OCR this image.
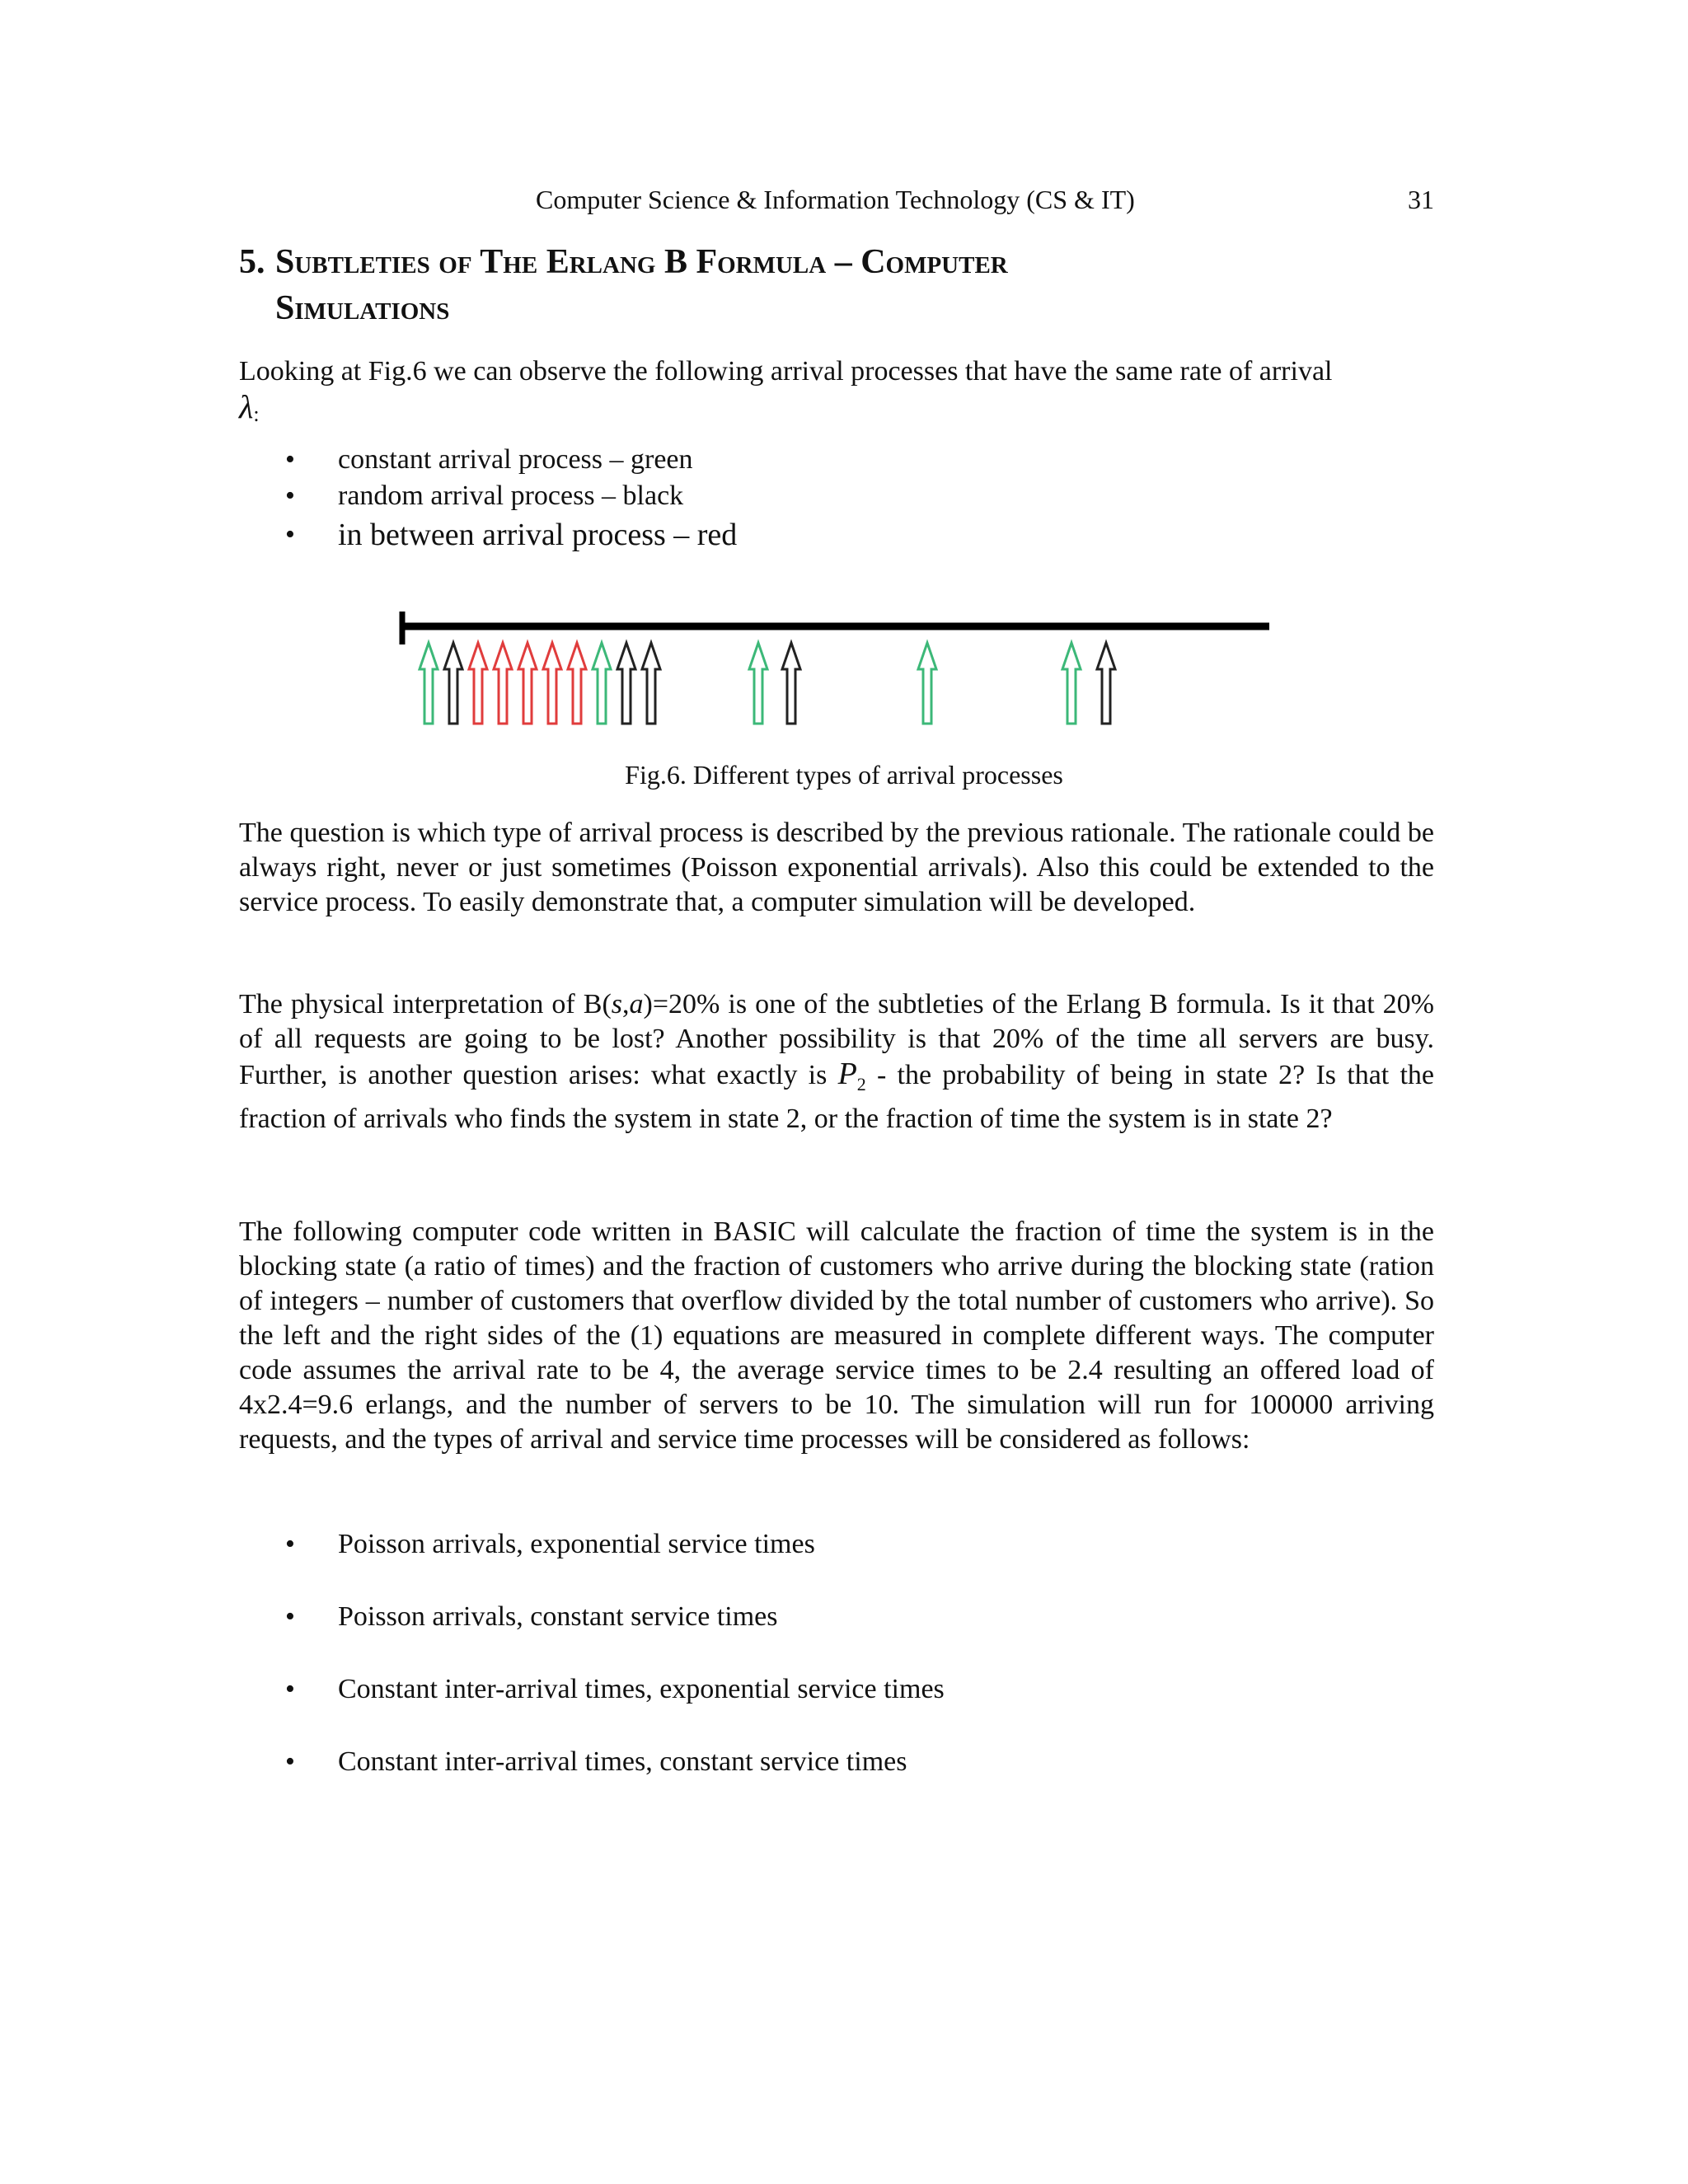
Computer Science & Information Technology (CS & IT)	31
5. Subtleties of The Erlang B Formula – Computer
Simulations
Looking at Fig.6 we can observe the following arrival processes that have the same rate of arrival
λ:
• constant arrival process – green
• random arrival process – black
• in between arrival process – red
Fig.6. Different types of arrival processes
The question is which type of arrival process is described by the previous rationale. The rationale could be always right, never or just sometimes (Poisson exponential arrivals). Also this could be extended to the service process. To easily demonstrate that, a computer simulation will be developed.
The physical interpretation of B(s,a)=20% is one of the subtleties of the Erlang B formula. Is it that 20% of all requests are going to be lost? Another possibility is that 20% of the time all servers are busy. Further, is another question arises: what exactly is $P_2$ - the probability of being in state 2? Is that the fraction of arrivals who finds the system in state 2, or the fraction of time the system is in state 2?
The following computer code written in BASIC will calculate the fraction of time the system is in the blocking state (a ratio of times) and the fraction of customers who arrive during the blocking state (ration of integers – number of customers that overflow divided by the total number of customers who arrive). So the left and the right sides of the (1) equations are measured in complete different ways. The computer code assumes the arrival rate to be 4, the average service times to be 2.4 resulting an offered load of 4x2.4=9.6 erlangs, and the number of servers to be 10. The simulation will run for 100000 arriving requests, and the types of arrival and service time processes will be considered as follows:
• Poisson arrivals, exponential service times
• Poisson arrivals, constant service times
• Constant inter-arrival times, exponential service times
• Constant inter-arrival times, constant service times
